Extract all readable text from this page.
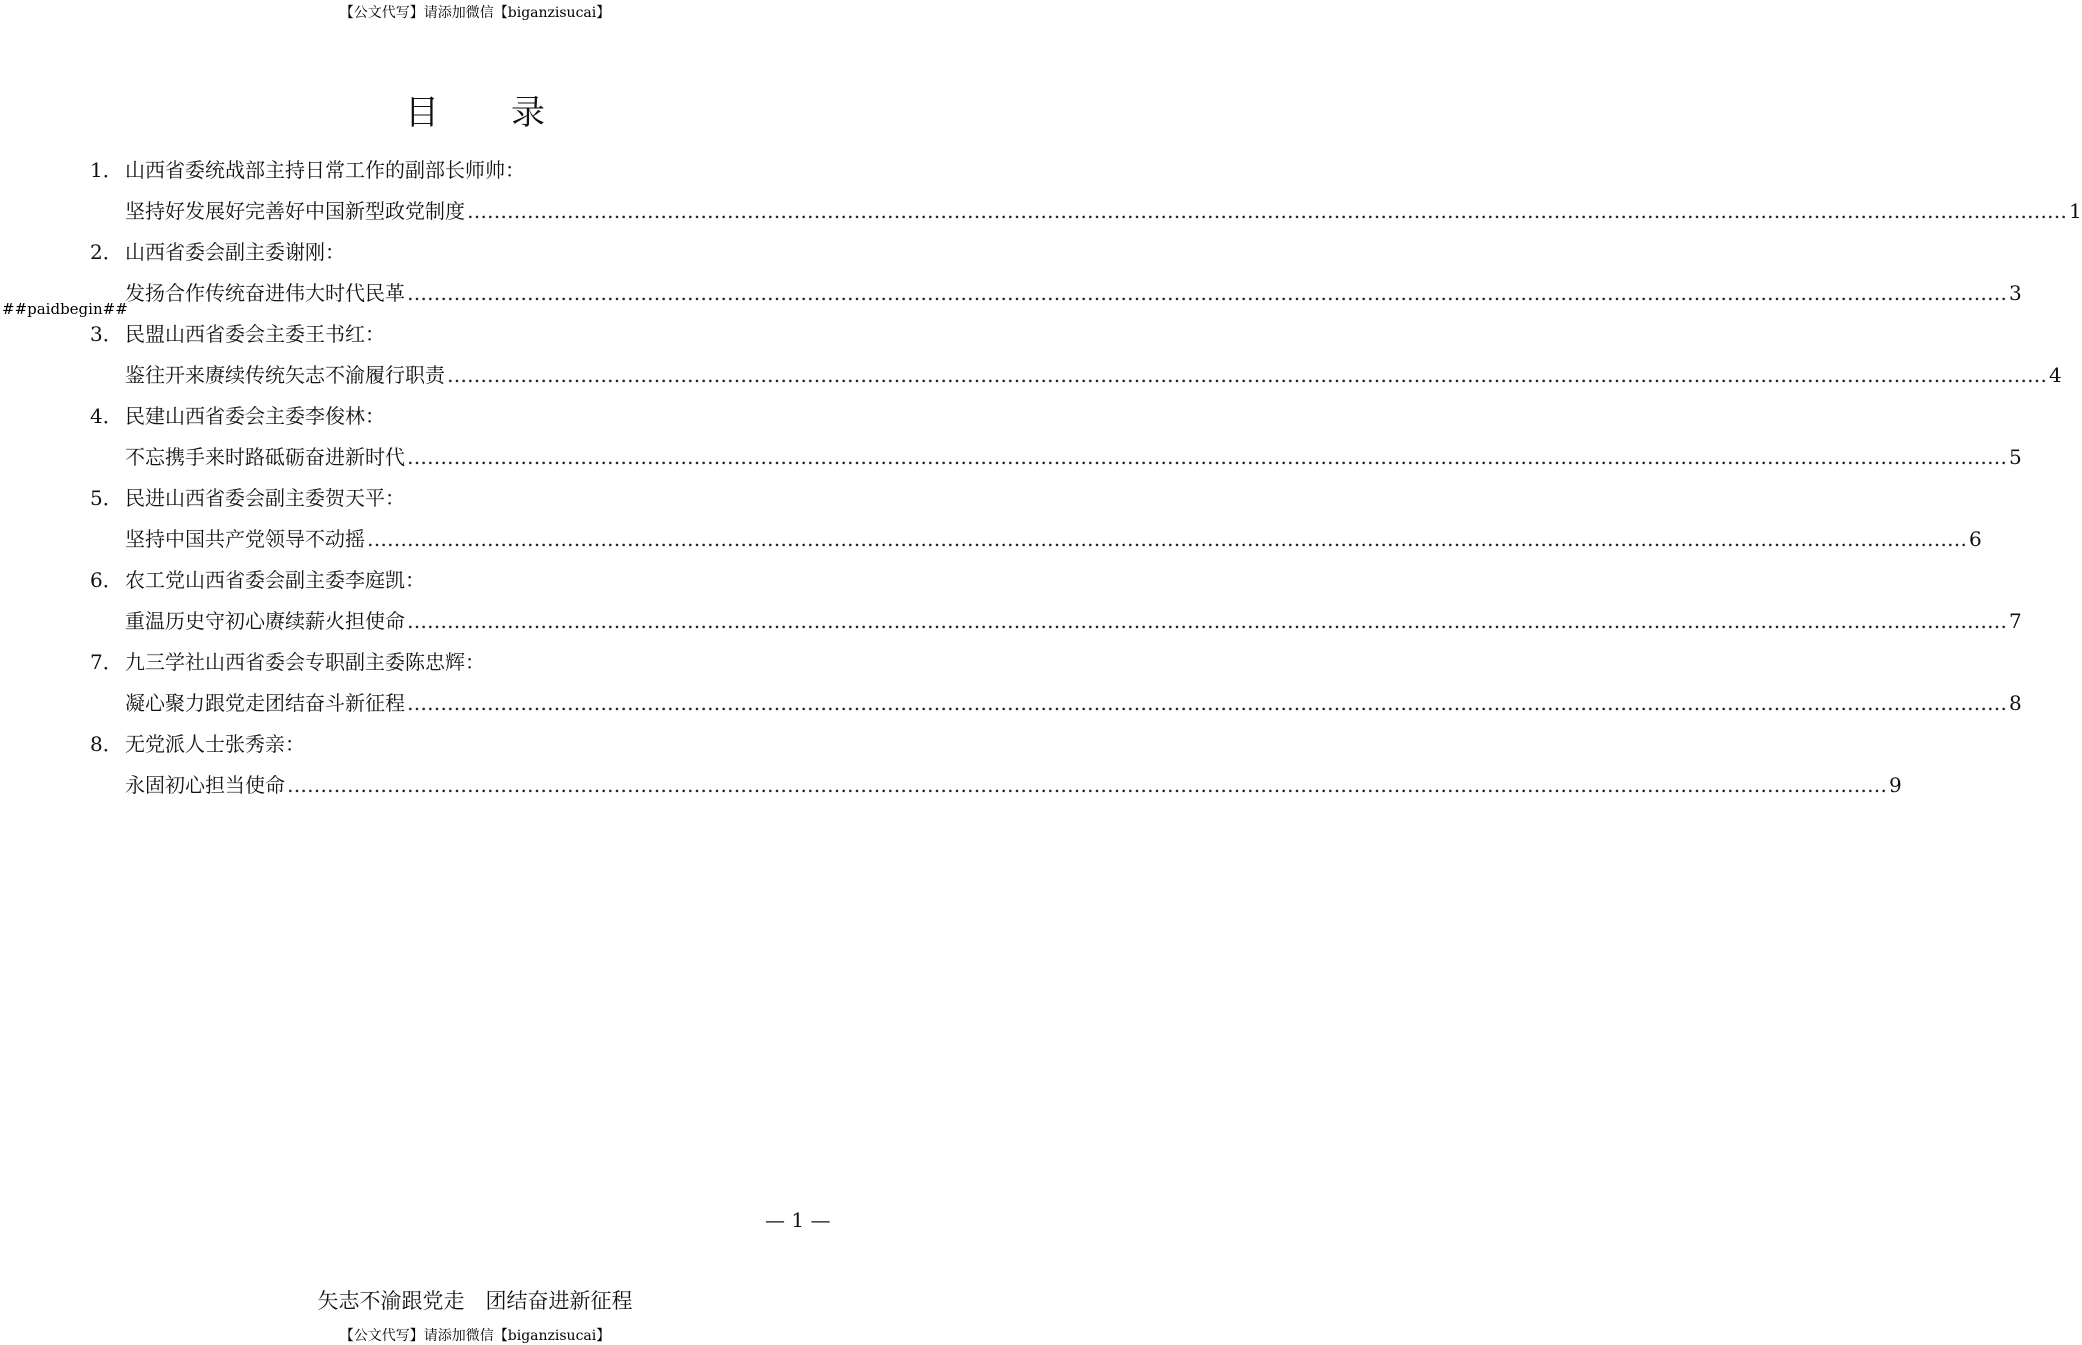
【公文代写】请添加微信【biganzisucai】
目 录
##paidbegin##
1． 山西省委统战部主持日常工作的副部长师帅：
坚持好发展好完善好中国新型政党制度 …………………………………………………………………………………………………………………………………………………………………………………………………………………… 1
2． 山西省委会副主委谢刚：
发扬合作传统奋进伟大时代民革 …………………………………………………………………………………………………………………………………………………………………………………………………………………… 3
3． 民盟山西省委会主委王书红：
鉴往开来赓续传统矢志不渝履行职责 …………………………………………………………………………………………………………………………………………………………………………………………………………………… 4
4． 民建山西省委会主委李俊林：
不忘携手来时路砥砺奋进新时代 …………………………………………………………………………………………………………………………………………………………………………………………………………………… 5
5． 民进山西省委会副主委贺天平：
坚持中国共产党领导不动摇 …………………………………………………………………………………………………………………………………………………………………………………………………………………… 6
6． 农工党山西省委会副主委李庭凯：
重温历史守初心赓续薪火担使命 …………………………………………………………………………………………………………………………………………………………………………………………………………………… 7
7． 九三学社山西省委会专职副主委陈忠辉：
凝心聚力跟党走团结奋斗新征程 …………………………………………………………………………………………………………………………………………………………………………………………………………………… 8
8． 无党派人士张秀亲：
永固初心担当使命 …………………………………………………………………………………………………………………………………………………………………………………………………………………… 9
— 1 —
矢志不渝跟党走　团结奋进新征程
【公文代写】请添加微信【biganzisucai】
